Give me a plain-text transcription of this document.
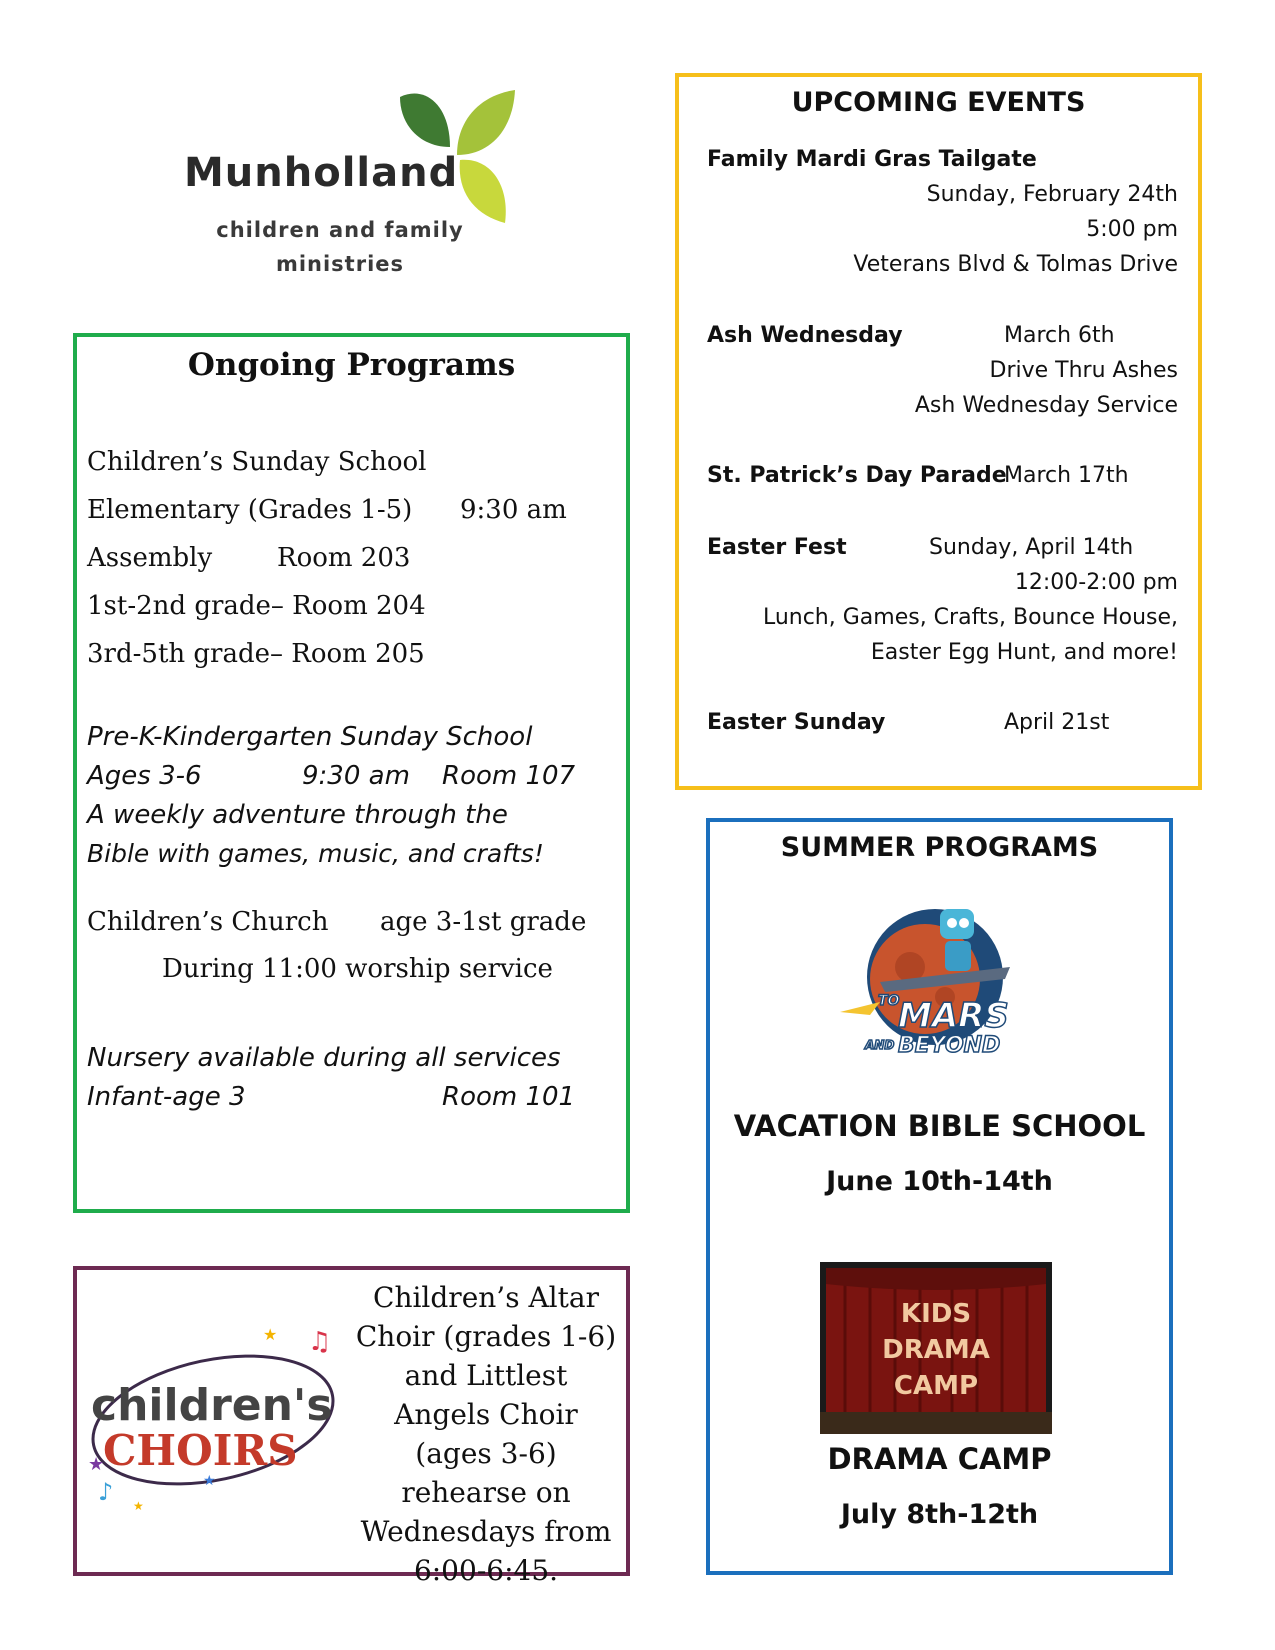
Munholland
children and family
ministries
Ongoing Programs
Children’s Sunday School
Elementary (Grades 1-5) 9:30 am
Assembly Room 203
1st-2nd grade– Room 204
3rd-5th grade– Room 205
Pre-K-Kindergarten Sunday School
Ages 3-6	9:30 am Room 107
A weekly adventure through the
Bible with games, music, and crafts!
Children’s Church age 3-1st grade
During 11:00 worship service
Nursery available during all services
Infant-age 3	Room 101
UPCOMING EVENTS
Family Mardi Gras Tailgate
Sunday, February 24th
5:00 pm
Veterans Blvd & Tolmas Drive
Ash Wednesday	March 6th
Drive Thru Ashes
Ash Wednesday Service
St. Patrick’s Day Parade
March 17th
Easter Fest	Sunday, April 14th
12:00-2:00 pm
Lunch, Games, Crafts, Bounce House,
Easter Egg Hunt, and more!
Easter Sunday	April 21st
SUMMER PROGRAMS
TO
MARS
AND BEYOND
VACATION BIBLE SCHOOL
June 10th-14th
KIDS
DRAMA
CAMP
DRAMA CAMP
July 8th-12th
children's
CHOIRS
♫
♪
★
★
★
★
Children’s Altar Choir (grades 1-6) and Littlest Angels Choir (ages 3-6) rehearse on Wednesdays from 6:00-6:45.
